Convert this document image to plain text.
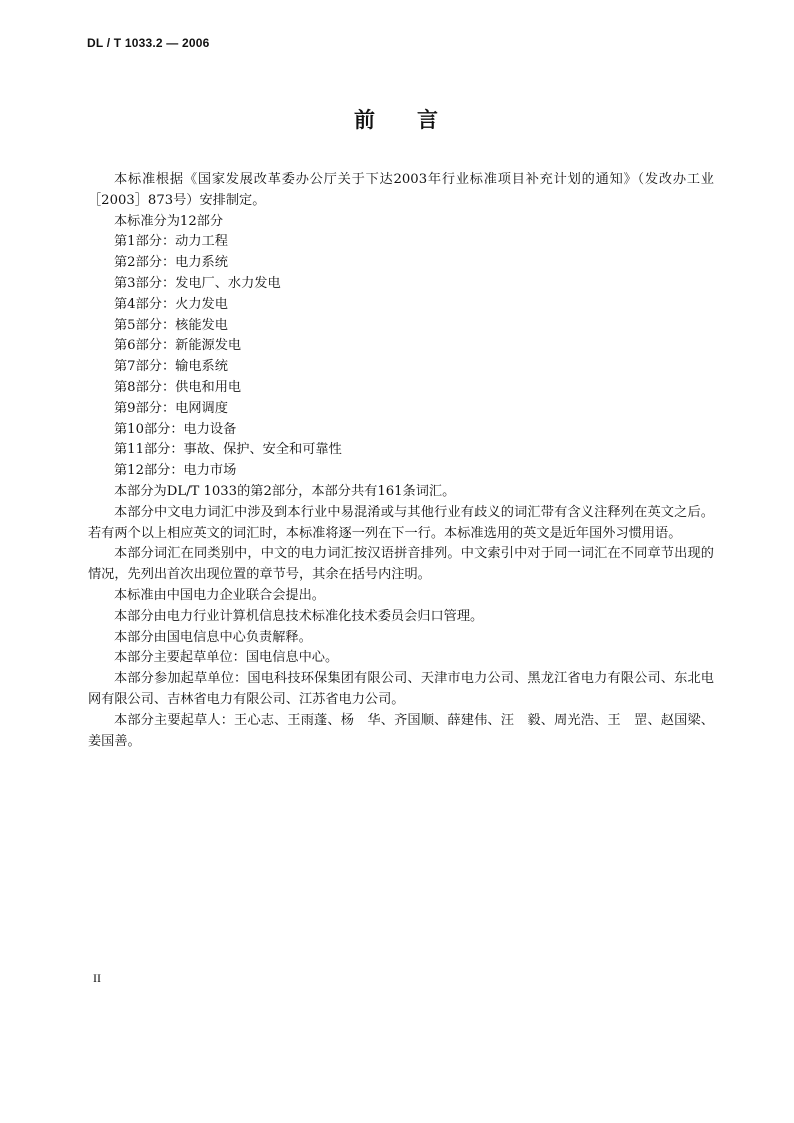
DL / T 1033.2 — 2006
前 言

本标准根据《国家发展改革委办公厅关于下达2003年行业标准项目补充计划的通知》（发改办工业［2003］873号）安排制定。

本标准分为12部分

第1部分：动力工程

第2部分：电力系统

第3部分：发电厂、水力发电

第4部分：火力发电

第5部分：核能发电

第6部分：新能源发电

第7部分：输电系统

第8部分：供电和用电

第9部分：电网调度

第10部分：电力设备

第11部分：事故、保护、安全和可靠性

第12部分：电力市场

本部分为DL/T 1033的第2部分，本部分共有161条词汇。

本部分中文电力词汇中涉及到本行业中易混淆或与其他行业有歧义的词汇带有含义注释列在英文之后。若有两个以上相应英文的词汇时，本标准将逐一列在下一行。本标准选用的英文是近年国外习惯用语。

本部分词汇在同类别中，中文的电力词汇按汉语拼音排列。中文索引中对于同一词汇在不同章节出现的情况，先列出首次出现位置的章节号，其余在括号内注明。

本标准由中国电力企业联合会提出。

本部分由电力行业计算机信息技术标准化技术委员会归口管理。

本部分由国电信息中心负责解释。

本部分主要起草单位：国电信息中心。

本部分参加起草单位：国电科技环保集团有限公司、天津市电力公司、黑龙江省电力有限公司、东北电网有限公司、吉林省电力有限公司、江苏省电力公司。

本部分主要起草人：王心志、王雨蓬、杨　华、齐国顺、薛建伟、汪　毅、周光浩、王　罡、赵国梁、姜国善。

II
